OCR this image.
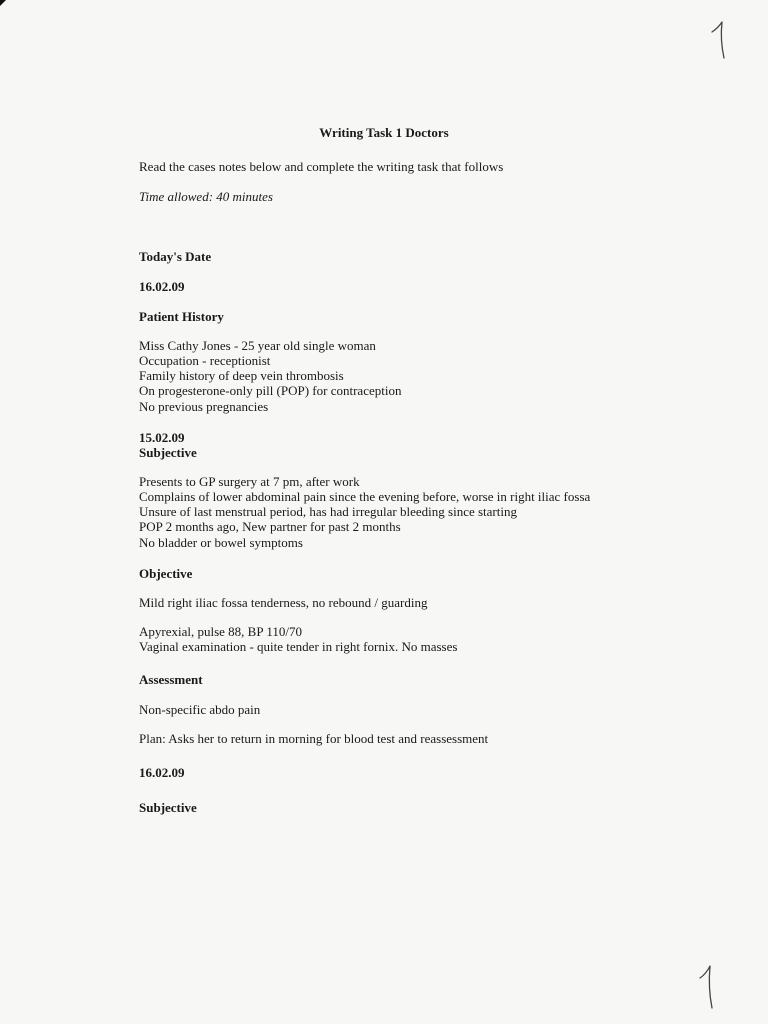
Writing Task 1 Doctors
Read the cases notes below and complete the writing task that follows
Time allowed: 40 minutes
Today's Date
16.02.09
Patient History
Miss Cathy Jones - 25 year old single woman
Occupation - receptionist
Family history of deep vein thrombosis
On progesterone-only pill (POP) for contraception
No previous pregnancies
15.02.09
Subjective
Presents to GP surgery at 7 pm, after work
Complains of lower abdominal pain since the evening before, worse in right iliac fossa
Unsure of last menstrual period, has had irregular bleeding since starting
POP 2 months ago, New partner for past 2 months
No bladder or bowel symptoms
Objective
Mild right iliac fossa tenderness, no rebound / guarding
Apyrexial, pulse 88, BP 110/70
Vaginal examination - quite tender in right fornix. No masses
Assessment
Non-specific abdo pain
Plan: Asks her to return in morning for blood test and reassessment
16.02.09
Subjective
